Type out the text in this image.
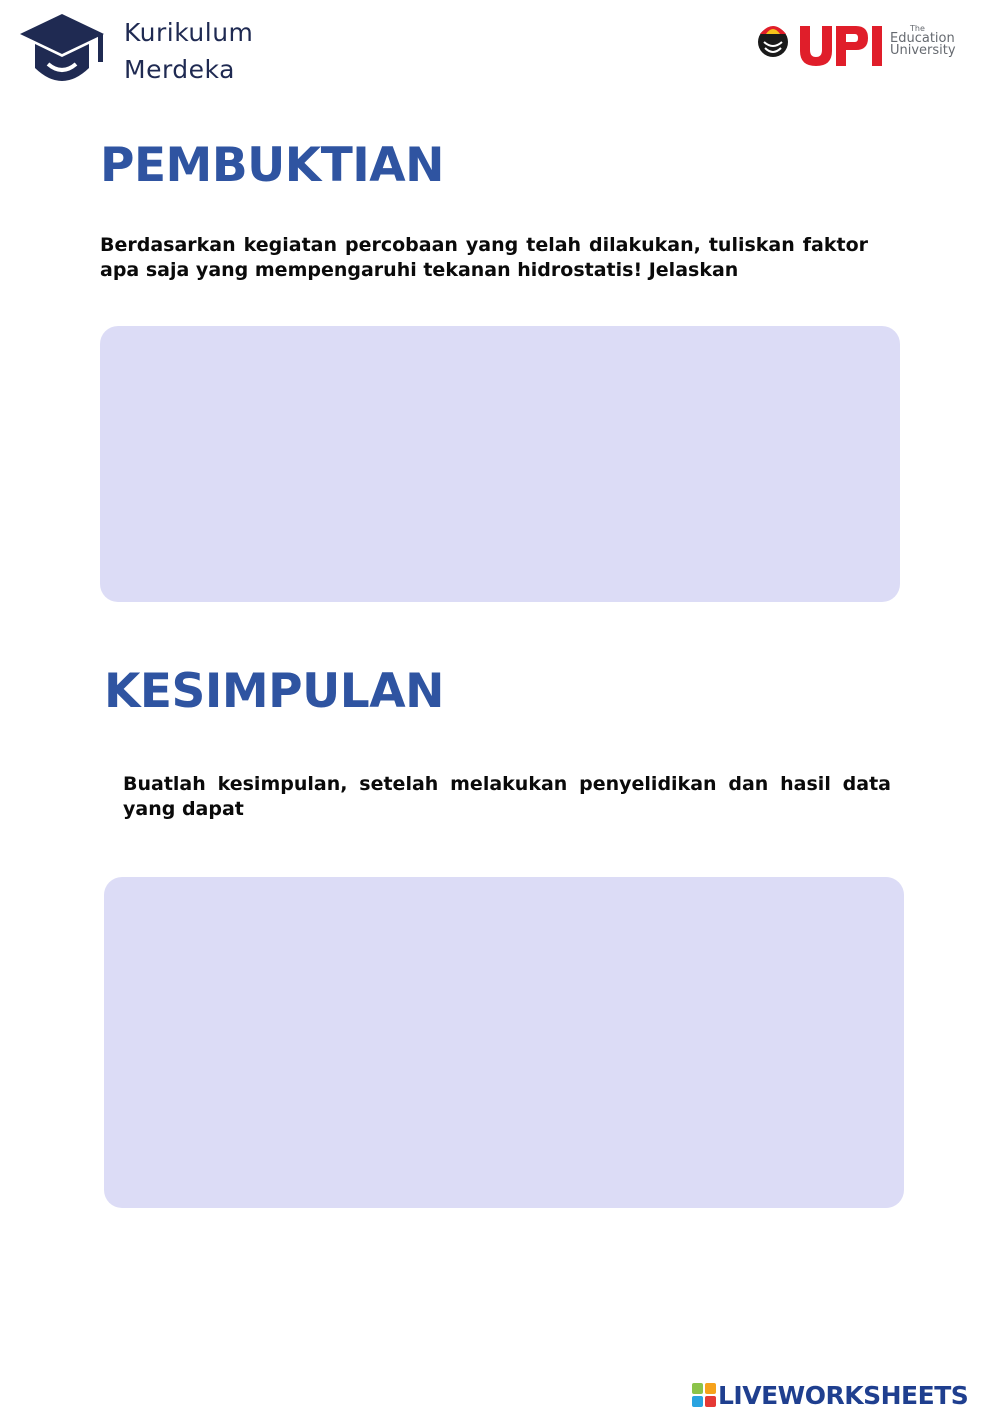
Kurikulum
Merdeka
The
Education
University
PEMBUKTIAN
Berdasarkan kegiatan percobaan yang telah dilakukan, tuliskan faktor apa saja yang mempengaruhi tekanan hidrostatis! Jelaskan
KESIMPULAN
Buatlah kesimpulan, setelah melakukan penyelidikan dan hasil data yang dapat
LIVEWORKSHEETS
